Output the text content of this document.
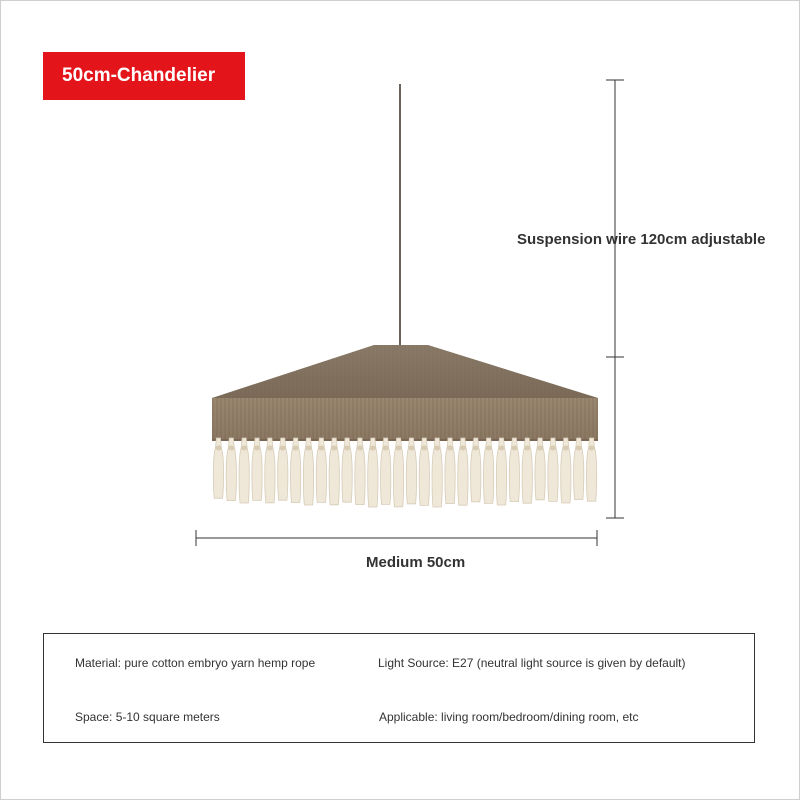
50cm-Chandelier
Suspension wire 120cm adjustable
Medium 50cm
Material: pure cotton embryo yarn hemp rope	Light Source: E27 (neutral light source is given by default)
Space: 5-10 square meters	Applicable: living room/bedroom/dining room, etc
